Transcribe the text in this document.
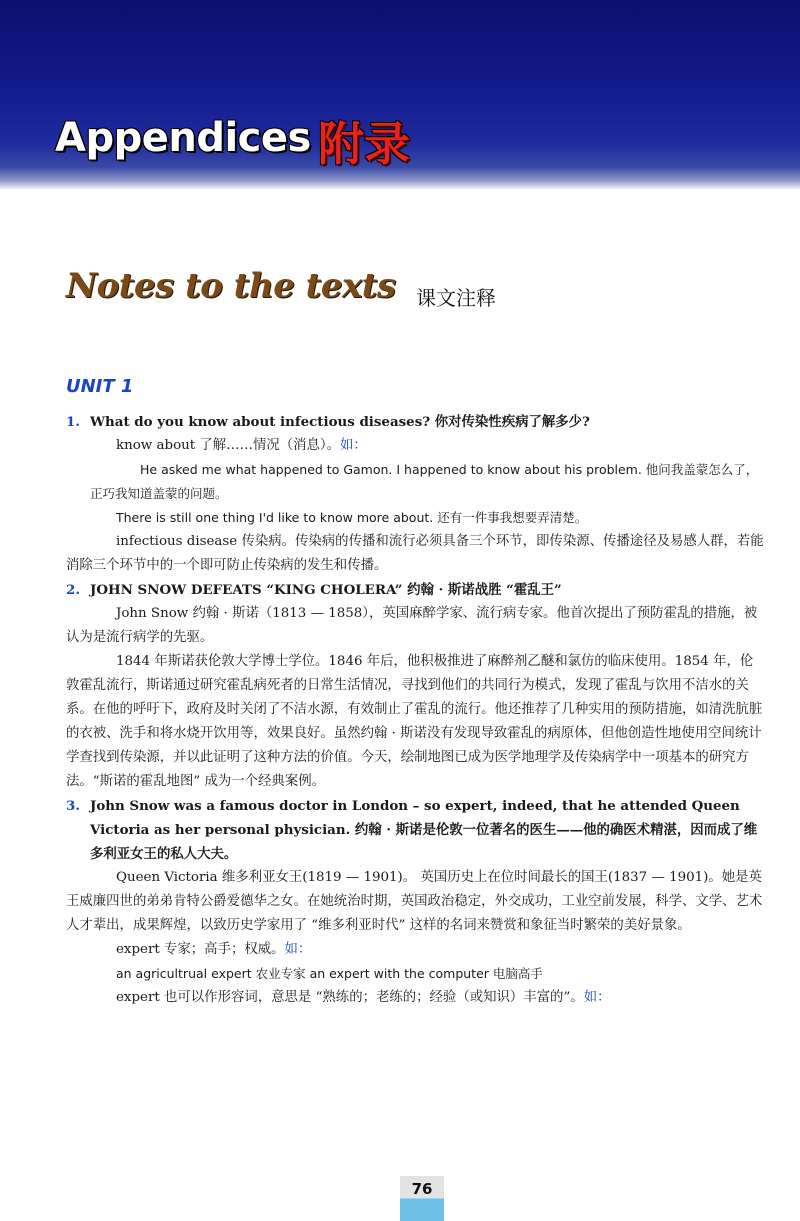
Appendices 附录
Notes to the texts 课文注释
UNIT 1
1. What do you know about infectious diseases? 你对传染性疾病了解多少?

know about 了解……情况（消息）。如：

He asked me what happened to Gamon. I happened to know about his problem. 他问我盖蒙怎么了，正巧我知道盖蒙的问题。

There is still one thing I'd like to know more about. 还有一件事我想要弄清楚。

infectious disease 传染病。传染病的传播和流行必须具备三个环节，即传染源、传播途径及易感人群，若能消除三个环节中的一个即可防止传染病的发生和传播。

2. JOHN SNOW DEFEATS “KING CHOLERA” 约翰 · 斯诺战胜 “霍乱王”

John Snow 约翰 · 斯诺（1813 — 1858），英国麻醉学家、流行病专家。他首次提出了预防霍乱的措施，被认为是流行病学的先驱。

1844 年斯诺获伦敦大学博士学位。1846 年后，他积极推进了麻醉剂乙醚和氯仿的临床使用。1854 年，伦敦霍乱流行，斯诺通过研究霍乱病死者的日常生活情况，寻找到他们的共同行为模式，发现了霍乱与饮用不洁水的关系。在他的呼吁下，政府及时关闭了不洁水源，有效制止了霍乱的流行。他还推荐了几种实用的预防措施，如清洗肮脏的衣被、洗手和将水烧开饮用等，效果良好。虽然约翰 · 斯诺没有发现导致霍乱的病原体，但他创造性地使用空间统计学查找到传染源，并以此证明了这种方法的价值。今天，绘制地图已成为医学地理学及传染病学中一项基本的研究方法。“斯诺的霍乱地图” 成为一个经典案例。

3. John Snow was a famous doctor in London – so expert, indeed, that he attended Queen Victoria as her personal physician. 约翰 · 斯诺是伦敦一位著名的医生——他的确医术精湛，因而成了维多利亚女王的私人大夫。

Queen Victoria 维多利亚女王(1819 — 1901)。 英国历史上在位时间最长的国王(1837 — 1901)。她是英王威廉四世的弟弟肯特公爵爱德华之女。在她统治时期，英国政治稳定，外交成功，工业空前发展，科学、文学、艺术人才辈出，成果辉煌，以致历史学家用了 “维多利亚时代” 这样的名词来赞赏和象征当时繁荣的美好景象。

expert 专家；高手；权威。如：

an agricultrual expert 农业专家 an expert with the computer 电脑高手

expert 也可以作形容词，意思是 “熟练的；老练的；经验（或知识）丰富的”。如：

76
